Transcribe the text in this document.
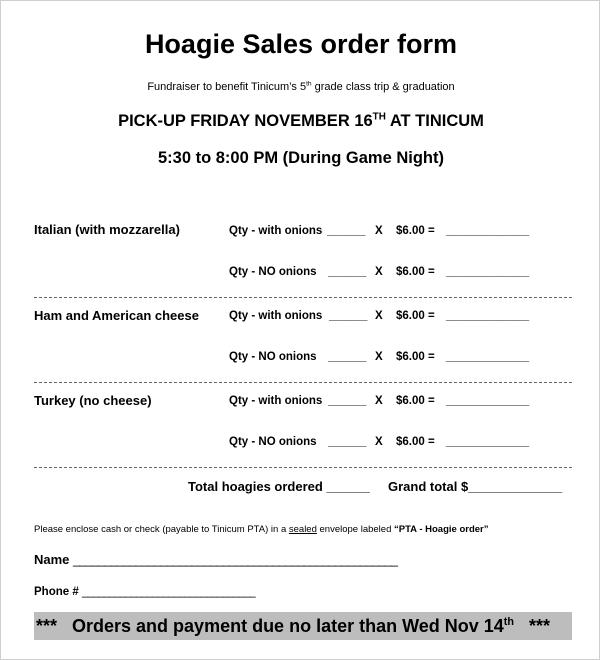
Hoagie Sales order form
Fundraiser to benefit Tinicum’s 5th grade class trip & graduation
PICK-UP FRIDAY NOVEMBER 16TH AT TINICUM
5:30 to 8:00 PM (During Game Night)
Italian (with mozzarella)	Qty - with onions ______ X $6.00 = _____________
Qty - NO onions ______ X $6.00 = _____________
Ham and American cheese	Qty - with onions ______ X $6.00 = _____________
Qty - NO onions ______ X $6.00 = _____________
Turkey (no cheese)	Qty - with onions ______ X $6.00 = _____________
Qty - NO onions ______ X $6.00 = _____________
Total hoagies ordered ______ Grand total $_____________
Please enclose cash or check (payable to Tinicum PTA) in a sealed envelope labeled “PTA - Hoagie order”
Name ____________________________________________________
Phone # ________________________________
***   Orders and payment due no later than Wed Nov 14th   ***
